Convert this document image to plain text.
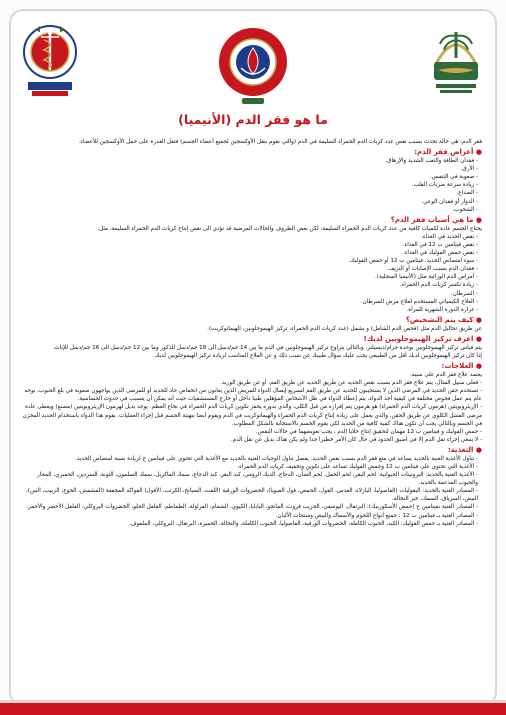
ما هو فقر الدم (الأنيميا)

فقر الدم: هي حالة تحدث بسبب نقص عدد كريات الدم الحمراء السليمة في الدم (والتي تقوم بنقل الأوكسجين لجميع أعضاء الجسم) فتقل القدرة على حمل الأوكسجين للأعضاء.

● أعراض فقر الدم:
- فقدان الطاقة والتعب الشديد والإرهاق.
- الأرق.
- صعوبة في التنفس.
- زيادة سرعة ضربات القلب.
- الصداع.
- الدوار أو فقدان الوعي.
- الشحوب.
● ما هي أسباب فقر الدم؟

يحتاج الجسم عادة لكميات كافية من عدد كريات الدم الحمراء السليمة، لكن بعض الظروف والحالات المرضية قد تؤدي الى نقص إنتاج كريات الدم الحمراء السليمة، مثل:

- نقص الحديد في الغذاء.
- نقص فيتامين ب 12 في الغذاء.
- نقص حمض الفوليك في الغذاء.
- سوء امتصاص الحديد، فيتامين ب 12 أو حمض الفوليك.
- فقدان الدم بسبب الإصابات أو النزيف.
- أمراض الدم الوراثية مثل (الأنيميا المنجلية).
- زيادة تكسر كريات الدم الحمراء.
- السرطان.
- العلاج الكيميائي المستخدم لعلاج مرض السرطان.
- غزارة الدورة الشهرية للمرأة.
● كيف يتم التشخيص؟

عن طريق تحاليل الدم مثل (فحص الدم الشامل) و يشمل (عدد كريات الدم الحمراء، تركيز الهيموجلوبين، الهيماتوكريت).

● اعرف تركيز الهيموجلوبين لديك!

يتم قياس تركيز الهيموجلوبين بوحدة جرام/ديسيلتر، وبالتالي يتراوح تركيز الهيموجلوبين في الدم ما بين 14 جم/دسل الى 18 جم/دسل للذكور وما بين 12 جم/دسل الى 16 جم/دسل للإناث.

إذا كان تركيز الهيموجلوبين لديك أقل من الطبيعي يجب عليك سؤال طبيبك عن سبب ذلك و عن العلاج المناسب لزيادة تركيز الهيموجلوبين لديك.

● العلاجات:

يعتمد علاج فقر الدم على سببه.

- فعلى سبيل المثال، يتم علاج فقر الدم بسبب نقص الحديد عن طريق الحديد عن طريق الفم، أو عن طريق الوريد.

- تستخدم حقن الحديد في المرضى الذين لا يستجيبون للحديد عن طريق الفم لتسريع إيصال الدواء للمريض الذين يعانون من انخفاض حاد للحديد أو للمرضى الذين يواجهون صعوبة في بلع الحبوب، بوجه عام يتم عمل فحوص مختلفة في كيفية أخذ الدواء، يتم إعطاء الدواء في ظل الأشخاص المؤهلين طبيا داخل أو خارج المستشفيات حيث أنه يمكن أن يتسبب في حدوث الحساسية.

- الإريثروبويتين (هرمون كريات الدم الحمراء) هو هرمون يتم إفرازه من قبل الكلى، والذي بدوره يحفز تكوين كريات الدم الحمراء في نخاع العظم. يوجد بديل لهرمون الإريثروبويتين (مصنع) ويعطى عادة مرضى الفشل الكلوي عن طريق الحقن، والذي يعمل على زيادة إنتاج كريات الدم الحمراء والهيماتوكريت في الدم ويقوم أيضا بتهيئة الجسم قبل إجراء العمليات. يقوم هذا الدواء باستخدام الحديد المخزن في الجسم وبالتالي يجب أن تكون هناك كمية كافية من الحديد لكي يقوم الجسم بالاستجابة بالشكل المطلوب.

- حمض الفوليك و فيتامين ب 12 مهمان لتحقيق إنتاج خلايا الدم ، يجب تعويضهما في حالات النقص.

- لا ينبغي إجراء نقل الدم إلا في أضيق الحدود في حال كان الأمر خطيرا جدا ولم يكن هناك بديل عن نقل الدم.

● التغذية:
- تناول الأغذية الغنية بالحديد يساعد في منع فقر الدم بسبب نقص الحديد. يفضل تناول الوجبات الغنية بالحديد مع الأغذية التي تحتوي على فيتامين ج لزيادة نسبة امتصاص الحديد.
- الأغذية التي تحتوي على فيتامين ب 12 وحمض الفوليك تساعد على تكوين وتخفيف كريات الدم الحمراء.
- الأغذية الغنية بالحديد: البروتينات الحيوانية: لحم البقر، لحم الحمل، لحم الضأن، الدجاج، الديك الرومي، كبد البقر، كبد الدجاج، سمك الماكريل، سمك السلمون، التونة، السردين، الجمبري، المحار والحبوب المدعمة بالحديد.
- المصادر الغنية بالحديد: البقوليات (الفاصوليا، البازلاء، العدس، الفول، الحمص، فول الصويا)، الخضروات الورقية (اللفت، السبانخ، الكرنب، الأقول) الفواكه المجففة (المشمش، الخوخ، الزبيب، التين)، البيض، السرياق، السمك، خبز النخالة.
- المصادر الغنية بفيتامين ج (حمض الأسكوربيك): البرتقال، اليوسفي، الجريب فروت، المانجو، البابايا، الكيوي، الشمام، الفراولة، الطماطم، الفلفل الحلو، الخضروات البروكلي، الفلفل الأخضر والأحمر.
- المصادر الغنية بـ فيتامين ب 12 : جميع أنواع اللحوم والأسماك والبيض ومنتجات الألبان.
- المصادر الغنية بـ حمض الفوليك: الكبد، الحبوب الكاملة، الخضروات الورقية، الفاصوليا، الحبوب الكاملة، والنخالة، الخميرة، البرتقال، البروكلي، الملفوف.
